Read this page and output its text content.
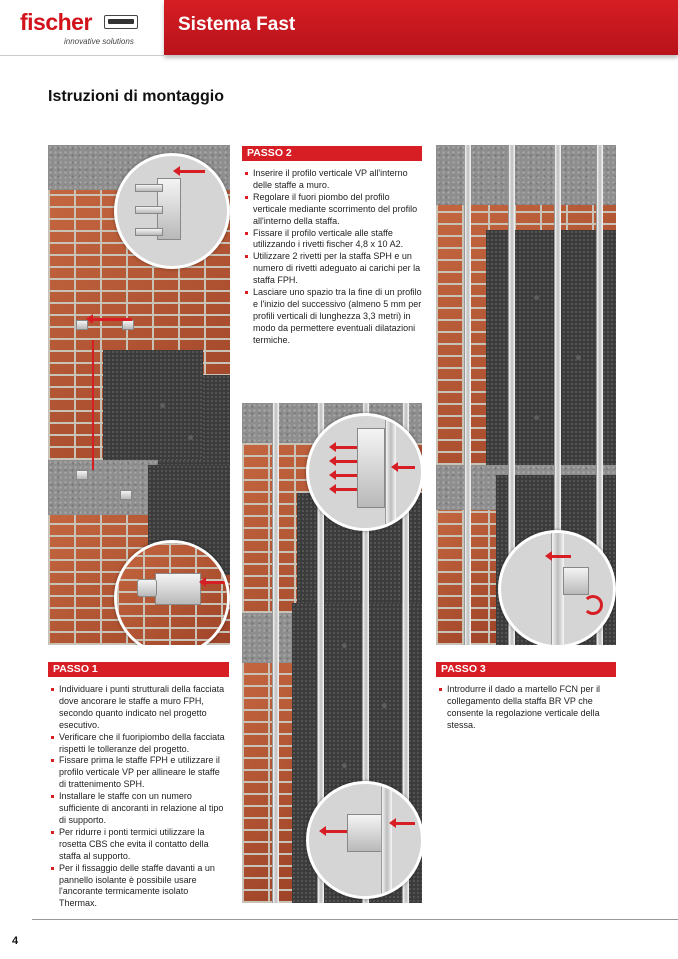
fischer
innovative solutions
Sistema Fast
Istruzioni di montaggio
PASSO 1
Individuare i punti strutturali della facciata dove ancorare le staffe a muro FPH, secondo quanto indicato nel progetto esecutivo.
Verificare che il fuoripiombo della facciata rispetti le tolleranze del progetto.
Fissare prima le staffe FPH e utilizzare il profilo verticale VP per allineare le staffe di trattenimento SPH.
Installare le staffe con un numero sufficiente di ancoranti in relazione al tipo di supporto.
Per ridurre i ponti termici utilizzare la rosetta CBS che evita il contatto della staffa al supporto.
Per il fissaggio delle staffe davanti a un pannello isolante è possibile usare l'ancorante termicamente isolato Thermax.
PASSO 2
Inserire il profilo verticale VP all'interno delle staffe a muro.
Regolare il fuori piombo del profilo verticale mediante scorrimento del profilo all'interno della staffa.
Fissare il profilo verticale alle staffe utilizzando i rivetti fischer 4,8 x 10 A2.
Utilizzare 2 rivetti per la staffa SPH e un numero di rivetti adeguato ai carichi per la staffa FPH.
Lasciare uno spazio tra la fine di un profilo e l'inizio del successivo (almeno 5 mm per profili verticali di lunghezza 3,3 metri) in modo da permettere eventuali dilatazioni termiche.
PASSO 3
Introdurre il dado a martello FCN per il collegamento della staffa BR VP che consente la regolazione verticale della stessa.
4
